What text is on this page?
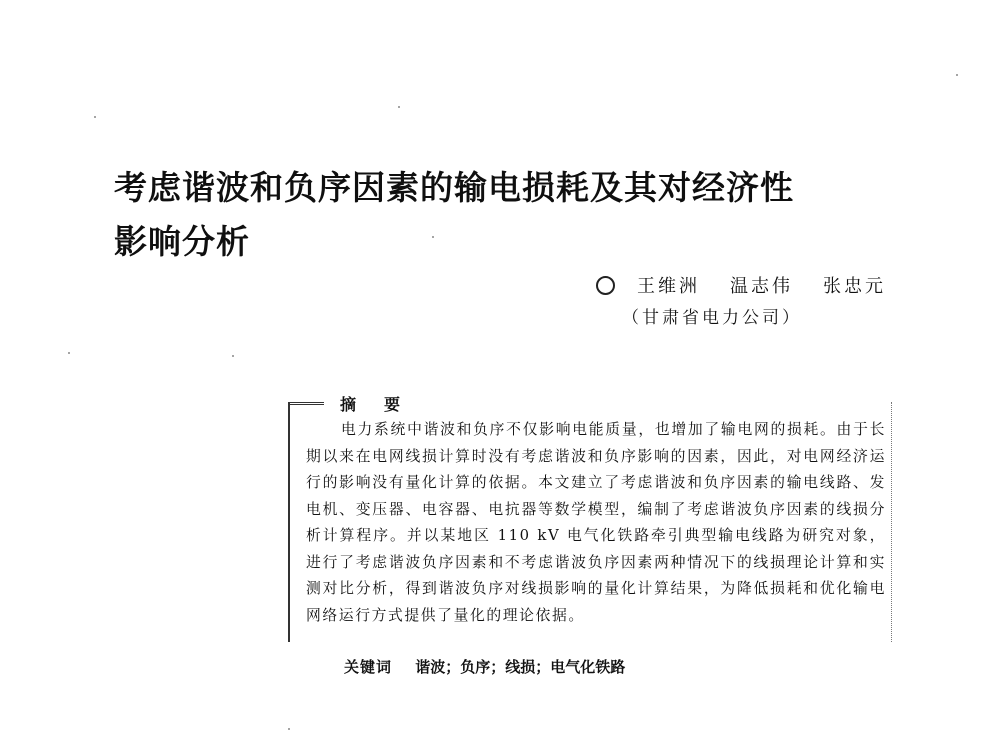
考虑谐波和负序因素的输电损耗及其对经济性
影响分析
王维洲 温志伟 张忠元
（甘肃省电力公司）
摘　要

电力系统中谐波和负序不仅影响电能质量，也增加了输电网的损耗。由于长期以来在电网线损计算时没有考虑谐波和负序影响的因素，因此，对电网经济运行的影响没有量化计算的依据。本文建立了考虑谐波和负序因素的输电线路、发电机、变压器、电容器、电抗器等数学模型，编制了考虑谐波负序因素的线损分析计算程序。并以某地区 110 kV 电气化铁路牵引典型输电线路为研究对象，进行了考虑谐波负序因素和不考虑谐波负序因素两种情况下的线损理论计算和实测对比分析，得到谐波负序对线损影响的量化计算结果，为降低损耗和优化输电网络运行方式提供了量化的理论依据。

关键词 谐波；负序；线损；电气化铁路
